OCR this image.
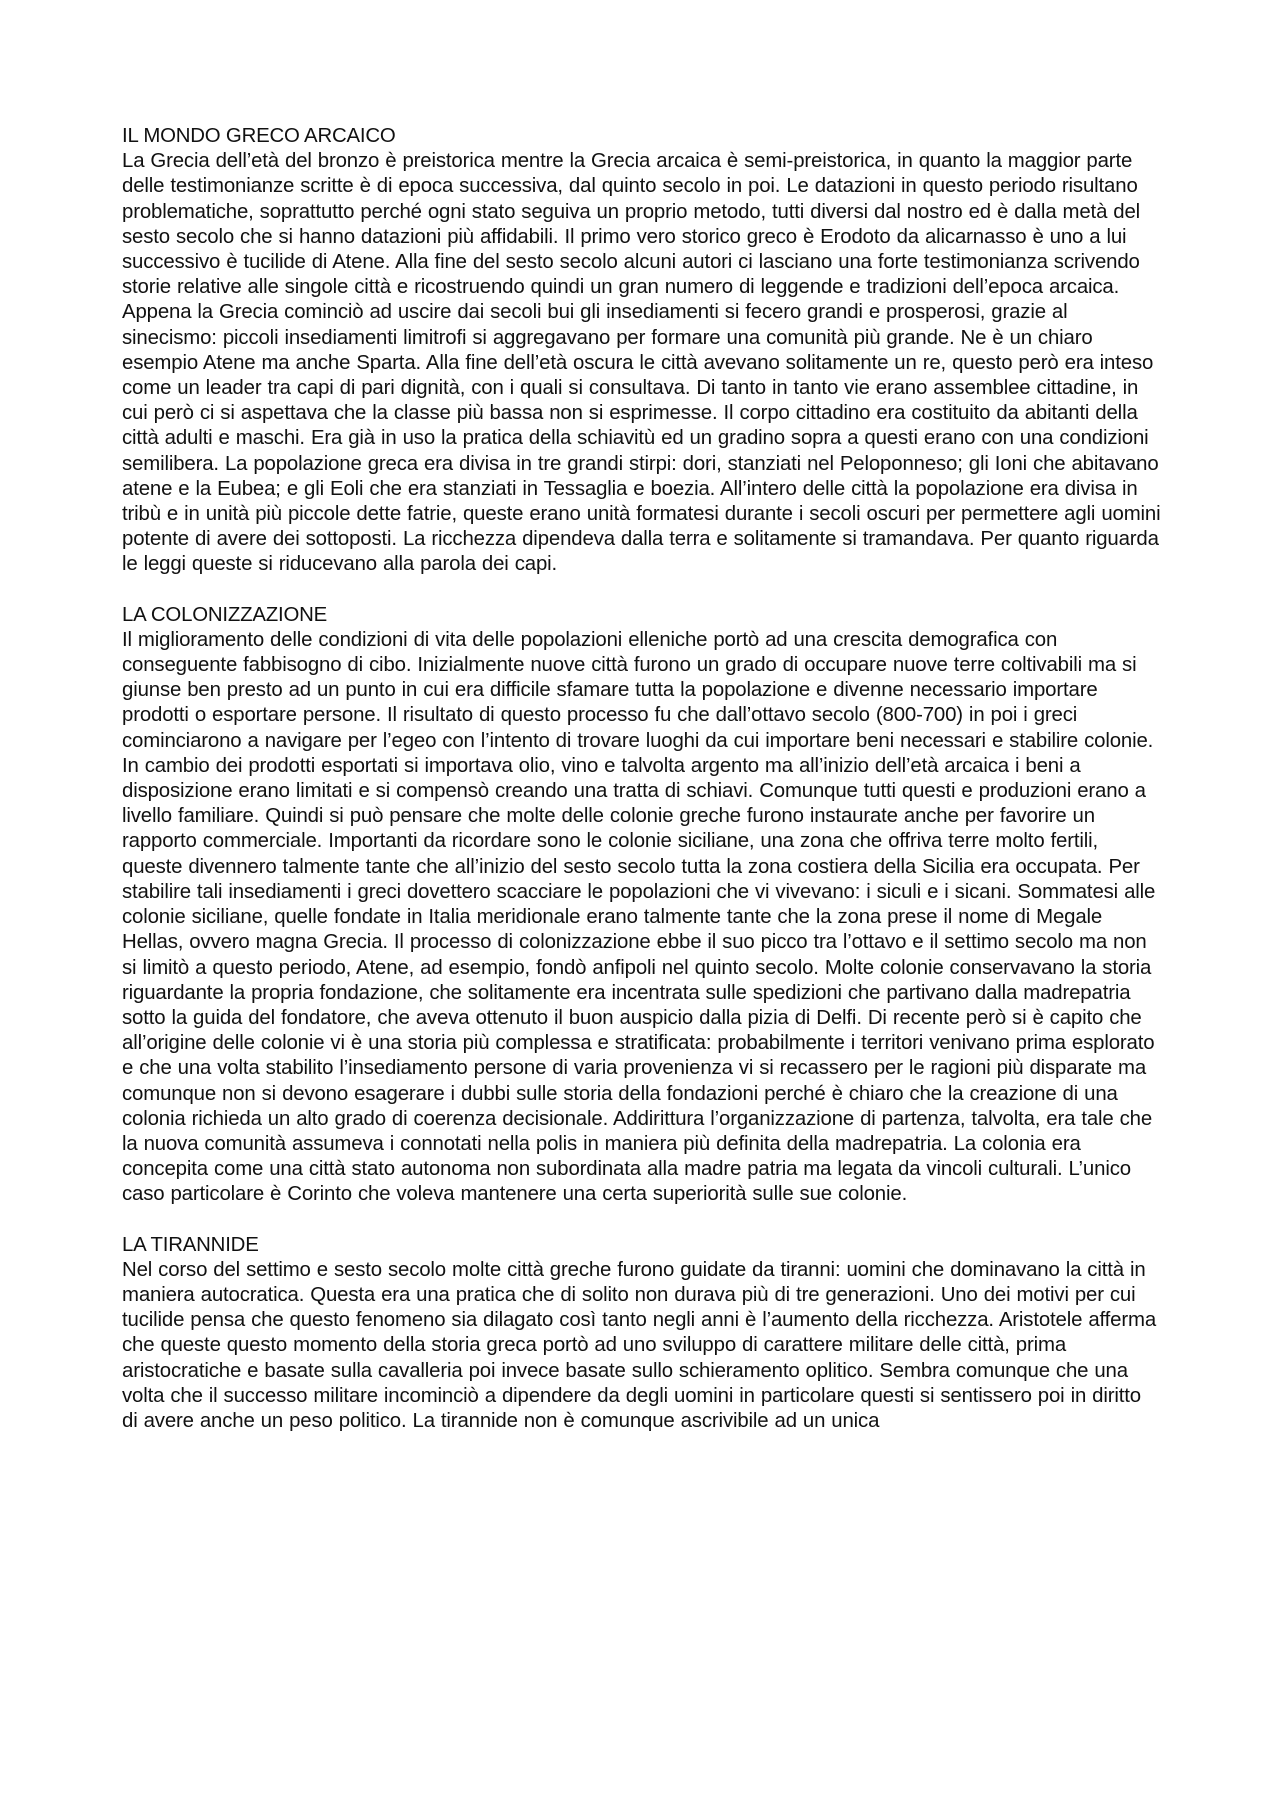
IL MONDO GRECO ARCAICO

La Grecia dell’età del bronzo è preistorica mentre la Grecia arcaica è semi-preistorica, in quanto la maggior parte delle testimonianze scritte è di epoca successiva, dal quinto secolo in poi. Le datazioni in questo periodo risultano problematiche, soprattutto perché ogni stato seguiva un proprio metodo, tutti diversi dal nostro ed è dalla metà del sesto secolo che si hanno datazioni più affidabili. Il primo vero storico greco è Erodoto da alicarnasso è uno a lui successivo è tucilide di Atene. Alla fine del sesto secolo alcuni autori ci lasciano una forte testimonianza scrivendo storie relative alle singole città e ricostruendo quindi un gran numero di leggende e tradizioni dell’epoca arcaica. Appena la Grecia cominciò ad uscire dai secoli bui gli insediamenti si fecero grandi e prosperosi, grazie al sinecismo: piccoli insediamenti limitrofi si aggregavano per formare una comunità più grande. Ne è un chiaro esempio Atene ma anche Sparta. Alla fine dell’età oscura le città avevano solitamente un re, questo però era inteso come un leader tra capi di pari dignità, con i quali si consultava. Di tanto in tanto vie erano assemblee cittadine, in cui però ci si aspettava che la classe più bassa non si esprimesse. Il corpo cittadino era costituito da abitanti della città adulti e maschi. Era già in uso la pratica della schiavitù ed un gradino sopra a questi erano con una condizioni semilibera. La popolazione greca era divisa in tre grandi stirpi: dori, stanziati nel Peloponneso; gli Ioni che abitavano atene e la Eubea; e gli Eoli che era stanziati in Tessaglia e boezia. All’intero delle città la popolazione era divisa in tribù e in unità più piccole dette fatrie, queste erano unità formatesi durante i secoli oscuri per permettere agli uomini potente di avere dei sottoposti. La ricchezza dipendeva dalla terra e solitamente si tramandava. Per quanto riguarda le leggi queste si riducevano alla parola dei capi.

LA COLONIZZAZIONE

Il miglioramento delle condizioni di vita delle popolazioni elleniche portò ad una crescita demografica con conseguente fabbisogno di cibo. Inizialmente nuove città furono un grado di occupare nuove terre coltivabili ma si giunse ben presto ad un punto in cui era difficile sfamare tutta la popolazione e divenne necessario importare prodotti o esportare persone. Il risultato di questo processo fu che dall’ottavo secolo (800-700) in poi i greci cominciarono a navigare per l’egeo con l’intento di trovare luoghi da cui importare beni necessari e stabilire colonie. In cambio dei prodotti esportati si importava olio, vino e talvolta argento ma all’inizio dell’età arcaica i beni a disposizione erano limitati e si compensò creando una tratta di schiavi. Comunque tutti questi e produzioni erano a livello familiare. Quindi si può pensare che molte delle colonie greche furono instaurate anche per favorire un rapporto commerciale. Importanti da ricordare sono le colonie siciliane, una zona che offriva terre molto fertili, queste divennero talmente tante che all’inizio del sesto secolo tutta la zona costiera della Sicilia era occupata. Per stabilire tali insediamenti i greci dovettero scacciare le popolazioni che vi vivevano: i siculi e i sicani. Sommatesi alle colonie siciliane, quelle fondate in Italia meridionale erano talmente tante che la zona prese il nome di Megale Hellas, ovvero magna Grecia. Il processo di colonizzazione ebbe il suo picco tra l’ottavo e il settimo secolo ma non si limitò a questo periodo, Atene, ad esempio, fondò anfipoli nel quinto secolo. Molte colonie conservavano la storia riguardante la propria fondazione, che solitamente era incentrata sulle spedizioni che partivano dalla madrepatria sotto la guida del fondatore, che aveva ottenuto il buon auspicio dalla pizia di Delfi. Di recente però si è capito che all’origine delle colonie vi è una storia più complessa e stratificata: probabilmente i territori venivano prima esplorato e che una volta stabilito l’insediamento persone di varia provenienza vi si recassero per le ragioni più disparate ma comunque non si devono esagerare i dubbi sulle storia della fondazioni perché è chiaro che la creazione di una colonia richieda un alto grado di coerenza decisionale. Addirittura l’organizzazione di partenza, talvolta, era tale che la nuova comunità assumeva i connotati nella polis in maniera più definita della madrepatria. La colonia era concepita come una città stato autonoma non subordinata alla madre patria ma legata da vincoli culturali. L’unico caso particolare è Corinto che voleva mantenere una certa superiorità sulle sue colonie.

LA TIRANNIDE

Nel corso del settimo e sesto secolo molte città greche furono guidate da tiranni: uomini che dominavano la città in maniera autocratica. Questa era una pratica che di solito non durava più di tre generazioni. Uno dei motivi per cui tucilide pensa che questo fenomeno sia dilagato così tanto negli anni è l’aumento della ricchezza. Aristotele afferma che queste questo momento della storia greca portò ad uno sviluppo di carattere militare delle città, prima aristocratiche e basate sulla cavalleria poi invece basate sullo schieramento oplitico. Sembra comunque che una volta che il successo militare incominciò a dipendere da degli uomini in particolare questi si sentissero poi in diritto di avere anche un peso politico. La tirannide non è comunque ascrivibile ad un unica
